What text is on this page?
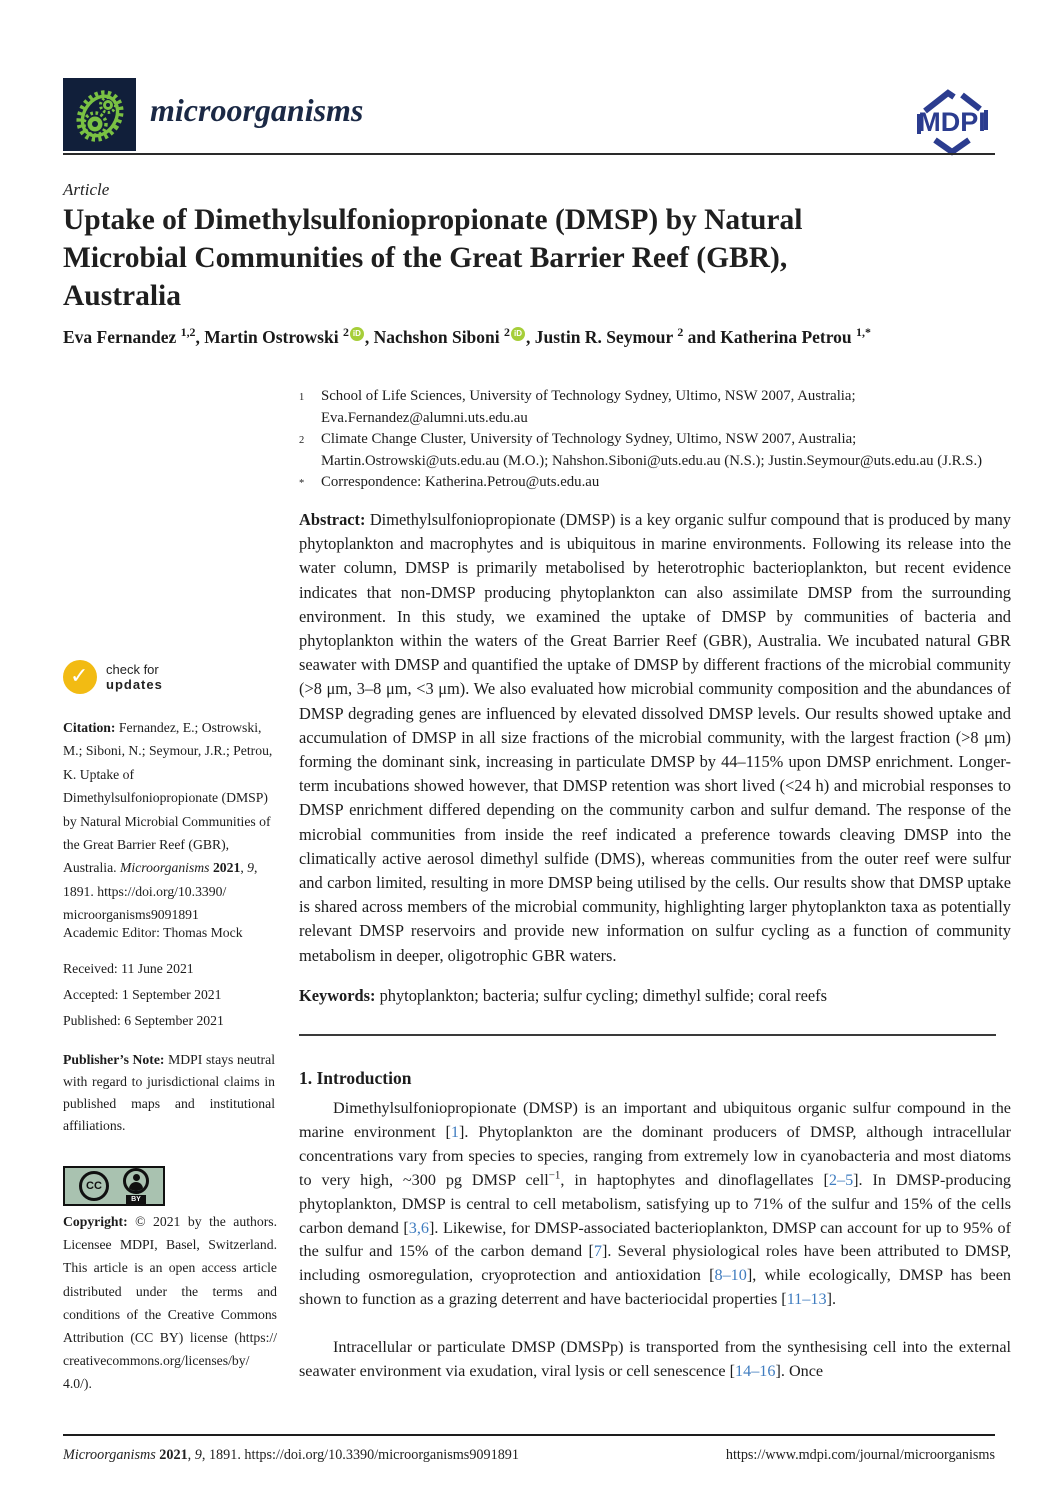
microorganisms	MDPI
Article
Uptake of Dimethylsulfoniopropionate (DMSP) by Natural Microbial Communities of the Great Barrier Reef (GBR), Australia
Eva Fernandez $^{1,2}$, Martin Ostrowski $^2$ iD , Nachshon Siboni $^2$ iD , Justin R. Seymour $^2$ and Katherina Petrou $^{1,*}$
1	School of Life Sciences, University of Technology Sydney, Ultimo, NSW 2007, Australia; Eva.Fernandez@alumni.uts.edu.au
2	Climate Change Cluster, University of Technology Sydney, Ultimo, NSW 2007, Australia; Martin.Ostrowski@uts.edu.au (M.O.); Nahshon.Siboni@uts.edu.au (N.S.); Justin.Seymour@uts.edu.au (J.R.S.)
*	Correspondence: Katherina.Petrou@uts.edu.au
Abstract: Dimethylsulfoniopropionate (DMSP) is a key organic sulfur compound that is produced by many phytoplankton and macrophytes and is ubiquitous in marine environments. Following its release into the water column, DMSP is primarily metabolised by heterotrophic bacterioplankton, but recent evidence indicates that non-DMSP producing phytoplankton can also assimilate DMSP from the surrounding environment. In this study, we examined the uptake of DMSP by communities of bacteria and phytoplankton within the waters of the Great Barrier Reef (GBR), Australia. We incubated natural GBR seawater with DMSP and quantified the uptake of DMSP by different fractions of the microbial community (>8 μm, 3–8 μm, <3 μm). We also evaluated how microbial community composition and the abundances of DMSP degrading genes are influenced by elevated dissolved DMSP levels. Our results showed uptake and accumulation of DMSP in all size fractions of the microbial community, with the largest fraction (>8 μm) forming the dominant sink, increasing in particulate DMSP by 44–115% upon DMSP enrichment. Longer-term incubations showed however, that DMSP retention was short lived (<24 h) and microbial responses to DMSP enrichment differed depending on the community carbon and sulfur demand. The response of the microbial communities from inside the reef indicated a preference towards cleaving DMSP into the climatically active aerosol dimethyl sulfide (DMS), whereas communities from the outer reef were sulfur and carbon limited, resulting in more DMSP being utilised by the cells. Our results show that DMSP uptake is shared across members of the microbial community, highlighting larger phytoplankton taxa as potentially relevant DMSP reservoirs and provide new information on sulfur cycling as a function of community metabolism in deeper, oligotrophic GBR waters.
Keywords: phytoplankton; bacteria; sulfur cycling; dimethyl sulfide; coral reefs
1. Introduction

Dimethylsulfoniopropionate (DMSP) is an important and ubiquitous organic sulfur compound in the marine environment [1]. Phytoplankton are the dominant producers of DMSP, although intracellular concentrations vary from species to species, ranging from extremely low in cyanobacteria and most diatoms to very high, ~300 pg DMSP cell$^{-1}$, in haptophytes and dinoflagellates [2–5]. In DMSP-producing phytoplankton, DMSP is central to cell metabolism, satisfying up to 71% of the sulfur and 15% of the cells carbon demand [3,6]. Likewise, for DMSP-associated bacterioplankton, DMSP can account for up to 95% of the sulfur and 15% of the carbon demand [7]. Several physiological roles have been attributed to DMSP, including osmoregulation, cryoprotection and antioxidation [8–10], while ecologically, DMSP has been shown to function as a grazing deterrent and have bacteriocidal properties [11–13].

Intracellular or particulate DMSP (DMSPp) is transported from the synthesising cell into the external seawater environment via exudation, viral lysis or cell senescence [14–16]. Once

✓ check for
updates
Citation: Fernandez, E.; Ostrowski, M.; Siboni, N.; Seymour, J.R.; Petrou, K. Uptake of Dimethylsulfoniopropionate (DMSP) by Natural Microbial Communities of the Great Barrier Reef (GBR), Australia. Microorganisms 2021, 9, 1891. https://doi.org/10.3390/ microorganisms9091891
Academic Editor: Thomas Mock
Received: 11 June 2021
Accepted: 1 September 2021
Published: 6 September 2021
Publisher’s Note: MDPI stays neutral with regard to jurisdictional claims in published maps and institutional affiliations.
CC
BY
Copyright: © 2021 by the authors. Licensee MDPI, Basel, Switzerland. This article is an open access article distributed under the terms and conditions of the Creative Commons Attribution (CC BY) license (https:// creativecommons.org/licenses/by/ 4.0/).
Microorganisms 2021, 9, 1891. https://doi.org/10.3390/microorganisms9091891	https://www.mdpi.com/journal/microorganisms
